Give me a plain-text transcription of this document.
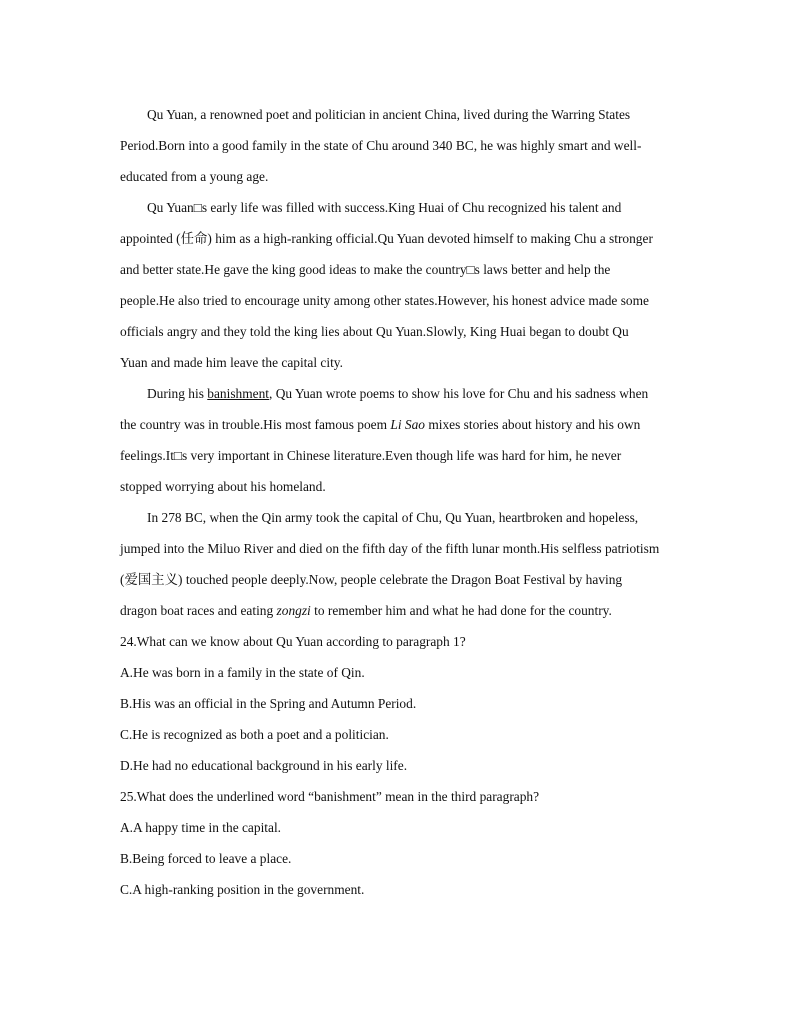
Qu Yuan, a renowned poet and politician in ancient China, lived during the Warring States
Period.Born into a good family in the state of Chu around 340 BC, he was highly smart and well-
educated from a young age.
Qu Yuan□s early life was filled with success.King Huai of Chu recognized his talent and
appointed (任命) him as a high-ranking official.Qu Yuan devoted himself to making Chu a stronger
and better state.He gave the king good ideas to make the country□s laws better and help the
people.He also tried to encourage unity among other states.However, his honest advice made some
officials angry and they told the king lies about Qu Yuan.Slowly, King Huai began to doubt Qu
Yuan and made him leave the capital city.
During his banishment, Qu Yuan wrote poems to show his love for Chu and his sadness when
the country was in trouble.His most famous poem Li Sao mixes stories about history and his own
feelings.It□s very important in Chinese literature.Even though life was hard for him, he never
stopped worrying about his homeland.
In 278 BC, when the Qin army took the capital of Chu, Qu Yuan, heartbroken and hopeless,
jumped into the Miluo River and died on the fifth day of the fifth lunar month.His selfless patriotism
(爱国主义) touched people deeply.Now, people celebrate the Dragon Boat Festival by having
dragon boat races and eating zongzi to remember him and what he had done for the country.
24.What can we know about Qu Yuan according to paragraph 1?
A.He was born in a family in the state of Qin.
B.His was an official in the Spring and Autumn Period.
C.He is recognized as both a poet and a politician.
D.He had no educational background in his early life.
25.What does the underlined word “banishment” mean in the third paragraph?
A.A happy time in the capital.
B.Being forced to leave a place.
C.A high-ranking position in the government.
